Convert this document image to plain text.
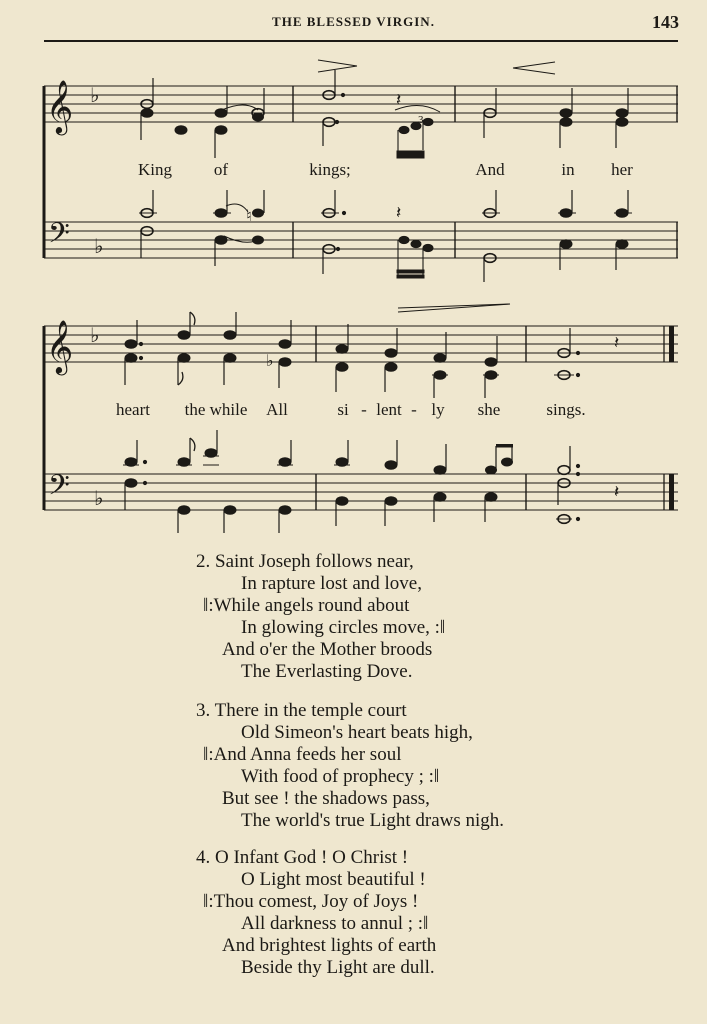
THE BLESSED VIRGIN.	143
𝄞
𝄢
♭
♭
𝄽
3
♮	𝄽
𝄞
𝄢
♭
♭
♭
𝄽
𝄽
King of	kings;	And	in her
heart the while All	si - lent - ly she	sings.
2. Saint Joseph follows near,
In rapture lost and love,
‖:While angels round about
In glowing circles move, :‖
And o'er the Mother broods
The Everlasting Dove.
3. There in the temple court
Old Simeon's heart beats high,
‖:And Anna feeds her soul
With food of prophecy ; :‖
But see ! the shadows pass,
The world's true Light draws nigh.
4. O Infant God ! O Christ !
O Light most beautiful !
‖:Thou comest, Joy of Joys !
All darkness to annul ; :‖
And brightest lights of earth
Beside thy Light are dull.
